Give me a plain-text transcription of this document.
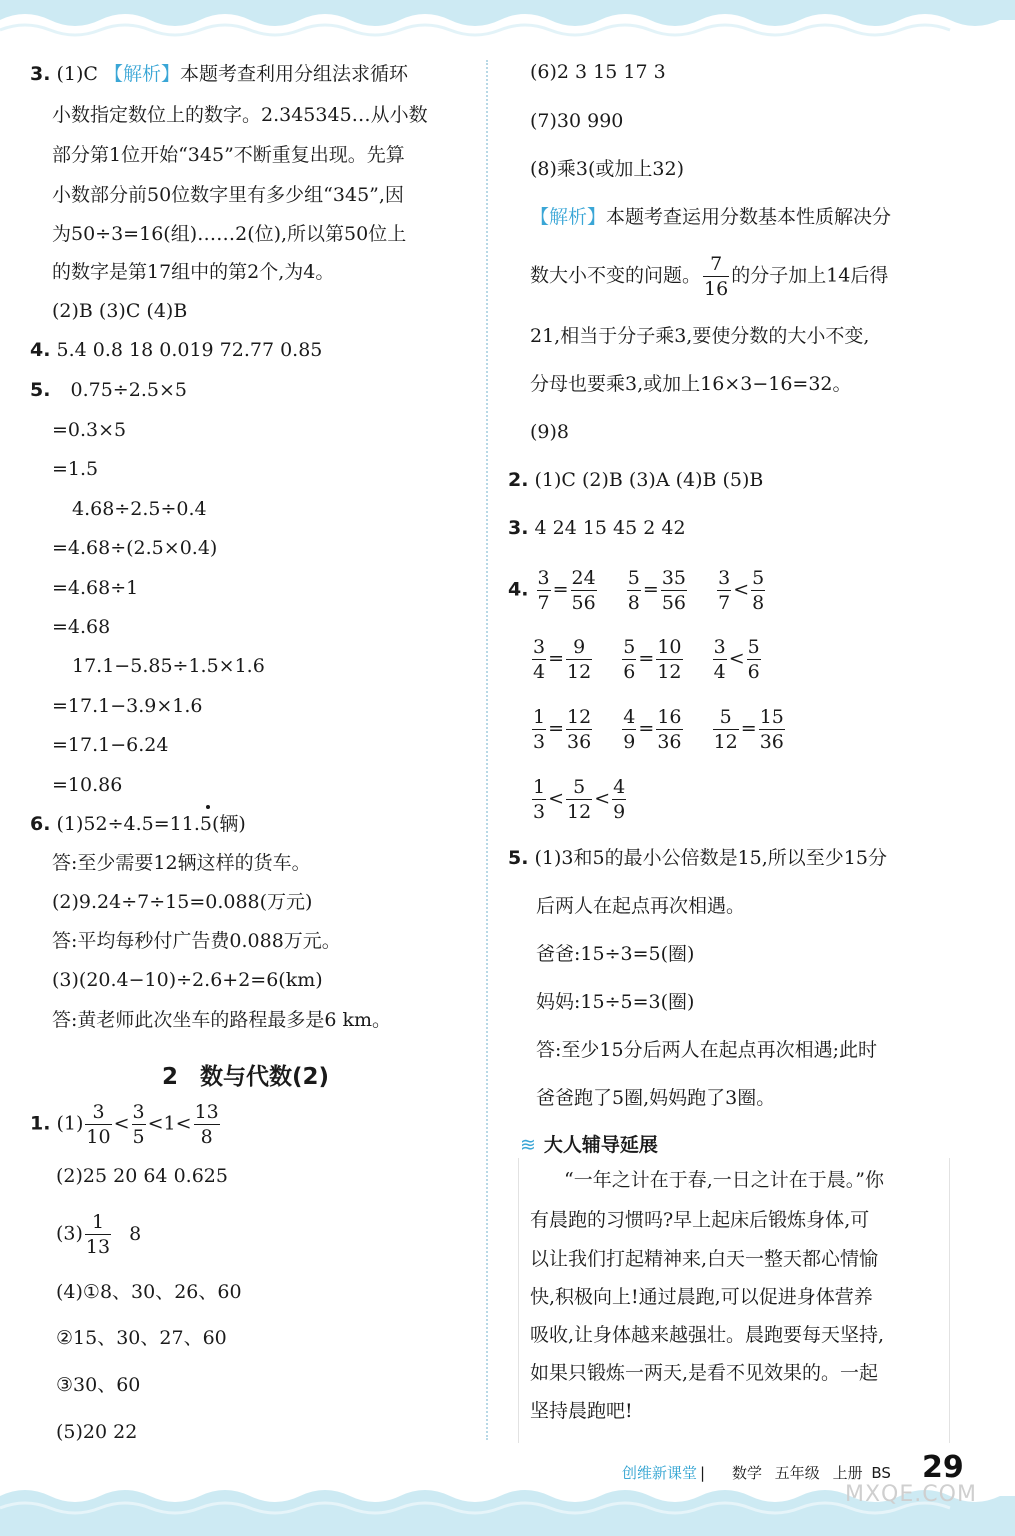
3. (1)C 【解析】本题考查利用分组法求循环
小数指定数位上的数字。2.345345…从小数
部分第1位开始“345”不断重复出现。先算
小数部分前50位数字里有多少组“345”,因
为50÷3=16(组)……2(位),所以第50位上
的数字是第17组中的第2个,为4。
(2)B (3)C (4)B
4. 5.4 0.8 18 0.019 72.77 0.85
5. 0.75÷2.5×5
=0.3×5
=1.5
4.68÷2.5÷0.4
=4.68÷(2.5×0.4)
=4.68÷1
=4.68
17.1−5.85÷1.5×1.6
=17.1−3.9×1.6
=17.1−6.24
=10.86
6. (1)52÷4.5=11.5(辆)
答:至少需要12辆这样的货车。
(2)9.24÷7÷15=0.088(万元)
答:平均每秒付广告费0.088万元。
(3)(20.4−10)÷2.6+2=6(km)
答:黄老师此次坐车的路程最多是6 km。
2 数与代数(2)
1. $(1) \frac{3}{10} < \frac{3}{5} <1< \frac{13}{8}$
(2)25 20 64 0.625
$(3) \frac{1}{13} 8$
(4)①8、30、26、60
②15、30、27、60
③30、60
(5)20 22
(6)2 3 15 17 3
(7)30 990
(8)乘3(或加上32)
【解析】本题考查运用分数基本性质解决分
数大小不变的问题。 $\frac{7}{16}$ 的分子加上14后得
21,相当于分子乘3,要使分数的大小不变,
分母也要乘3,或加上16×3−16=32。
(9)8
2. (1)C (2)B (3)A (4)B (5)B
3. 4 24 15 45 2 42
4. $\frac{3}{7} = \frac{24}{56}$
$\frac{5}{8} = \frac{35}{56}$
$\frac{3}{7} < \frac{5}{8}$
$\frac{3}{4} = \frac{9}{12}$
$\frac{5}{6} = \frac{10}{12}$
$\frac{3}{4} < \frac{5}{6}$
$\frac{1}{3} = \frac{12}{36}$
$\frac{4}{9} = \frac{16}{36}$
$\frac{5}{12} = \frac{15}{36}$
$\frac{1}{3} < \frac{5}{12} < \frac{4}{9}$
5. (1)3和5的最小公倍数是15,所以至少15分
后两人在起点再次相遇。
爸爸:15÷3=5(圈)
妈妈:15÷5=3(圈)
答:至少15分后两人在起点再次相遇;此时
爸爸跑了5圈,妈妈跑了3圈。
≋ 大人辅导延展
“一年之计在于春,一日之计在于晨。”你
有晨跑的习惯吗?早上起床后锻炼身体,可
以让我们打起精神来,白天一整天都心情愉
快,积极向上!通过晨跑,可以促进身体营养
吸收,让身体越来越强壮。晨跑要每天坚持,
如果只锻炼一两天,是看不见效果的。一起
坚持晨跑吧!
创维新课堂 | 数学 五年级 上册 BS 29
MXQE.COM
